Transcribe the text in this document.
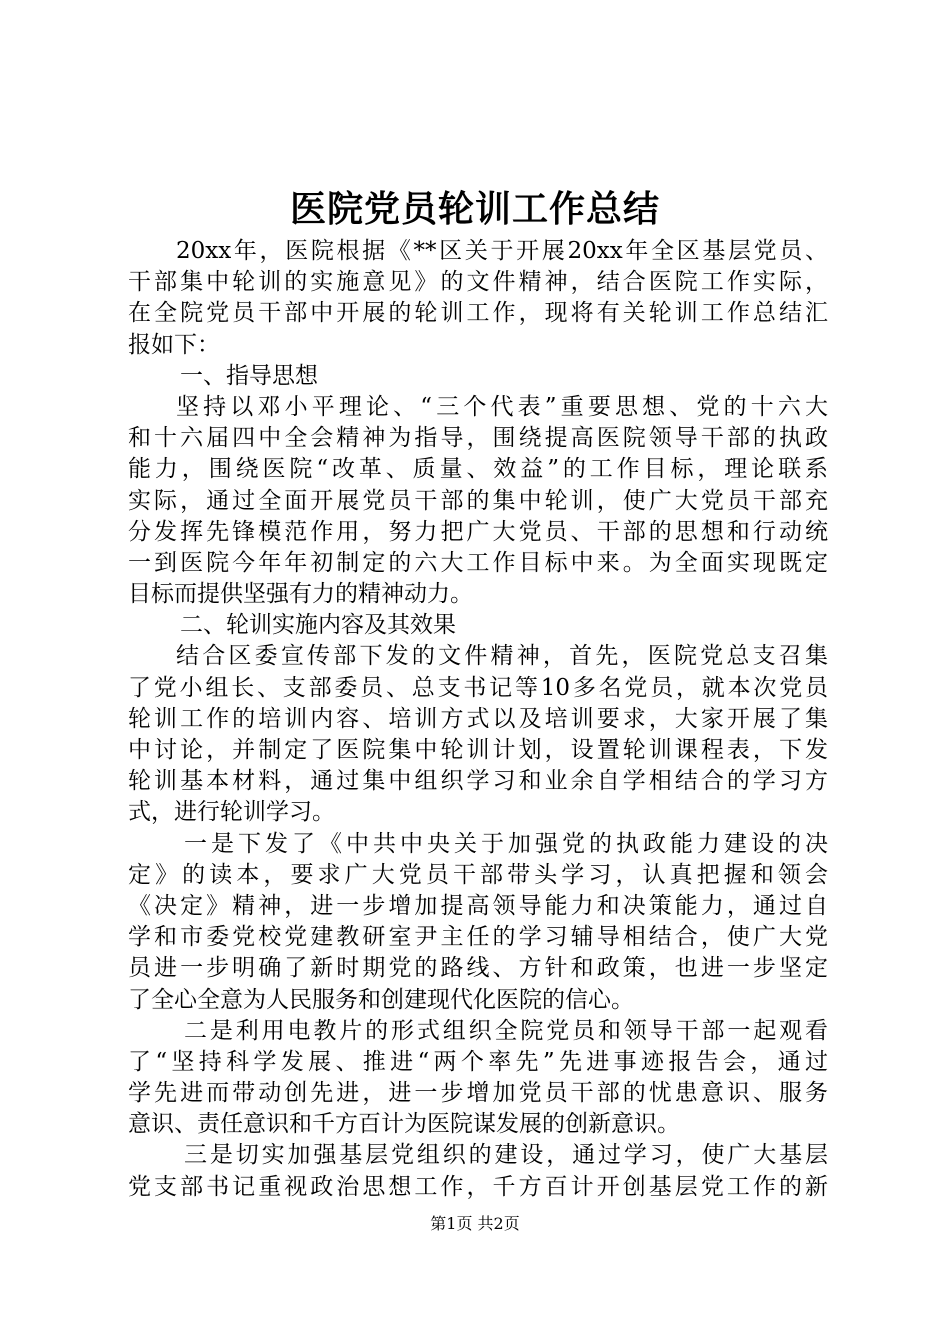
医院党员轮训工作总结
20xx年，医院根据《**区关于开展20xx年全区基层党员、
干部集中轮训的实施意见》的文件精神，结合医院工作实际，
在全院党员干部中开展的轮训工作，现将有关轮训工作总结汇
报如下：
一、指导思想
坚持以邓小平理论、“三个代表”重要思想、党的十六大
和十六届四中全会精神为指导，围绕提高医院领导干部的执政
能力，围绕医院“改革、质量、效益”的工作目标，理论联系
实际，通过全面开展党员干部的集中轮训，使广大党员干部充
分发挥先锋模范作用，努力把广大党员、干部的思想和行动统
一到医院今年年初制定的六大工作目标中来。为全面实现既定
目标而提供坚强有力的精神动力。
二、轮训实施内容及其效果
结合区委宣传部下发的文件精神，首先，医院党总支召集
了党小组长、支部委员、总支书记等10多名党员，就本次党员
轮训工作的培训内容、培训方式以及培训要求，大家开展了集
中讨论，并制定了医院集中轮训计划，设置轮训课程表，下发
轮训基本材料，通过集中组织学习和业余自学相结合的学习方
式，进行轮训学习。
一是下发了《中共中央关于加强党的执政能力建设的决
定》的读本，要求广大党员干部带头学习，认真把握和领会
《决定》精神，进一步增加提高领导能力和决策能力，通过自
学和市委党校党建教研室尹主任的学习辅导相结合，使广大党
员进一步明确了新时期党的路线、方针和政策，也进一步坚定
了全心全意为人民服务和创建现代化医院的信心。
二是利用电教片的形式组织全院党员和领导干部一起观看
了“坚持科学发展、推进“两个率先”先进事迹报告会，通过
学先进而带动创先进，进一步增加党员干部的忧患意识、服务
意识、责任意识和千方百计为医院谋发展的创新意识。
三是切实加强基层党组织的建设，通过学习，使广大基层
党支部书记重视政治思想工作，千方百计开创基层党工作的新
第1页 共2页
